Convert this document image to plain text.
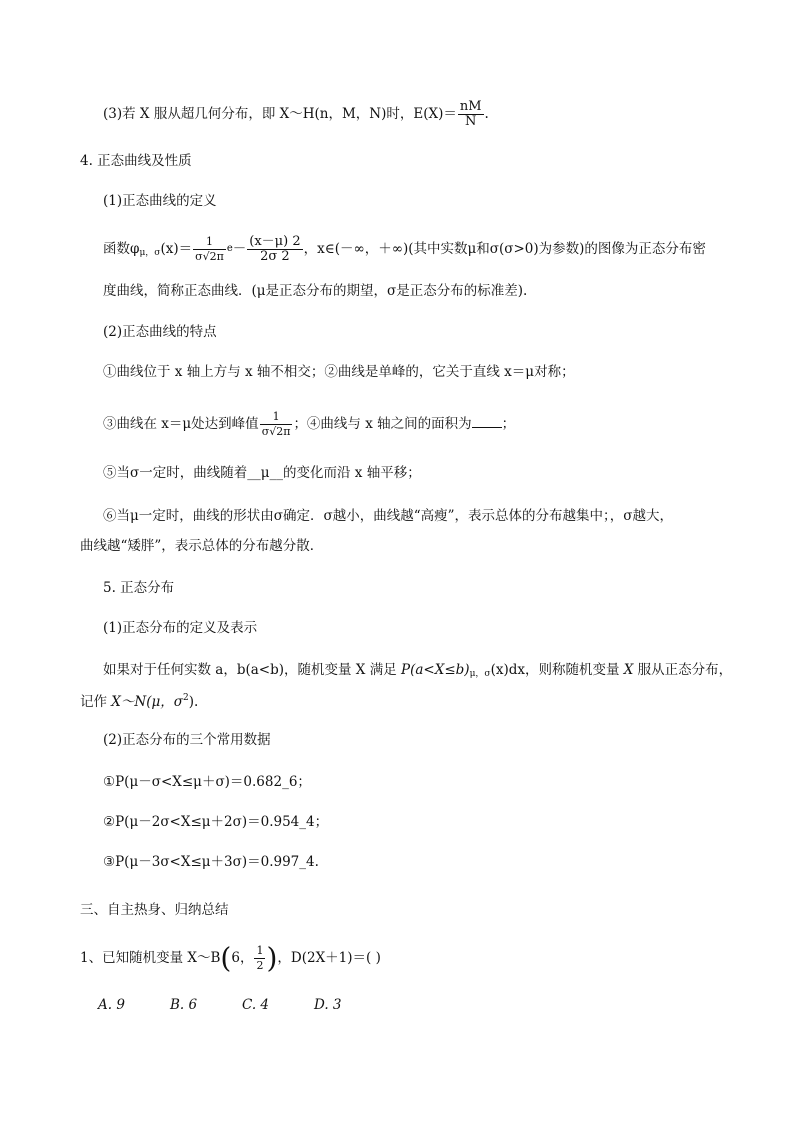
(3)若 X 服从超几何分布，即 X～H(n，M，N)时，$E(X)= \frac{nM}{N}$ .
4. 正态曲线及性质
(1)正态曲线的定义
函数$\varphi_{\mu,\sigma}(x)= \frac{1}{\sigma√2\pi} ^e- \frac{(x-\mu) 2}{2\sigma 2}$ ，x∈(－∞，＋∞)(其中实数μ和σ(σ>0)为参数)的图像为正态分布密
度曲线，简称正态曲线．(μ是正态分布的期望，σ是正态分布的标准差).
(2)正态曲线的特点
①曲线位于 x 轴上方与 x 轴不相交；②曲线是单峰的，它关于直线 x＝μ对称；
③曲线在 x＝μ处达到峰值 $\frac{1}{\sigma√2\pi}$ ；④曲线与 x 轴之间的面积为 ；
⑤当σ一定时，曲线随着__μ__的变化而沿 x 轴平移；
⑥当μ一定时，曲线的形状由σ确定．σ越小，曲线越“高瘦”，表示总体的分布越集中；，σ越大，
曲线越“矮胖”，表示总体的分布越分散．
5. 正态分布
(1)正态分布的定义及表示
如果对于任何实数 a，b(a<b)，随机变量 X 满足 $P(a<X\le b)_{\mu,\sigma}(x)dx$，则称随机变量 X 服从正态分布，
记作 X～N(μ，$\sigma^2$).
(2)正态分布的三个常用数据
①P(μ－σ<X≤μ＋σ)＝0.682_6；
②P(μ－2σ<X≤μ＋2σ)＝0.954_4；
③P(μ－3σ<X≤μ＋3σ)＝0.997_4.
三、自主热身、归纳总结
1、已知随机变量 X～B(6， $\frac{1}{2}$ )，D(2X＋1)＝( )
A. 9	B. 6	C. 4	D. 3
